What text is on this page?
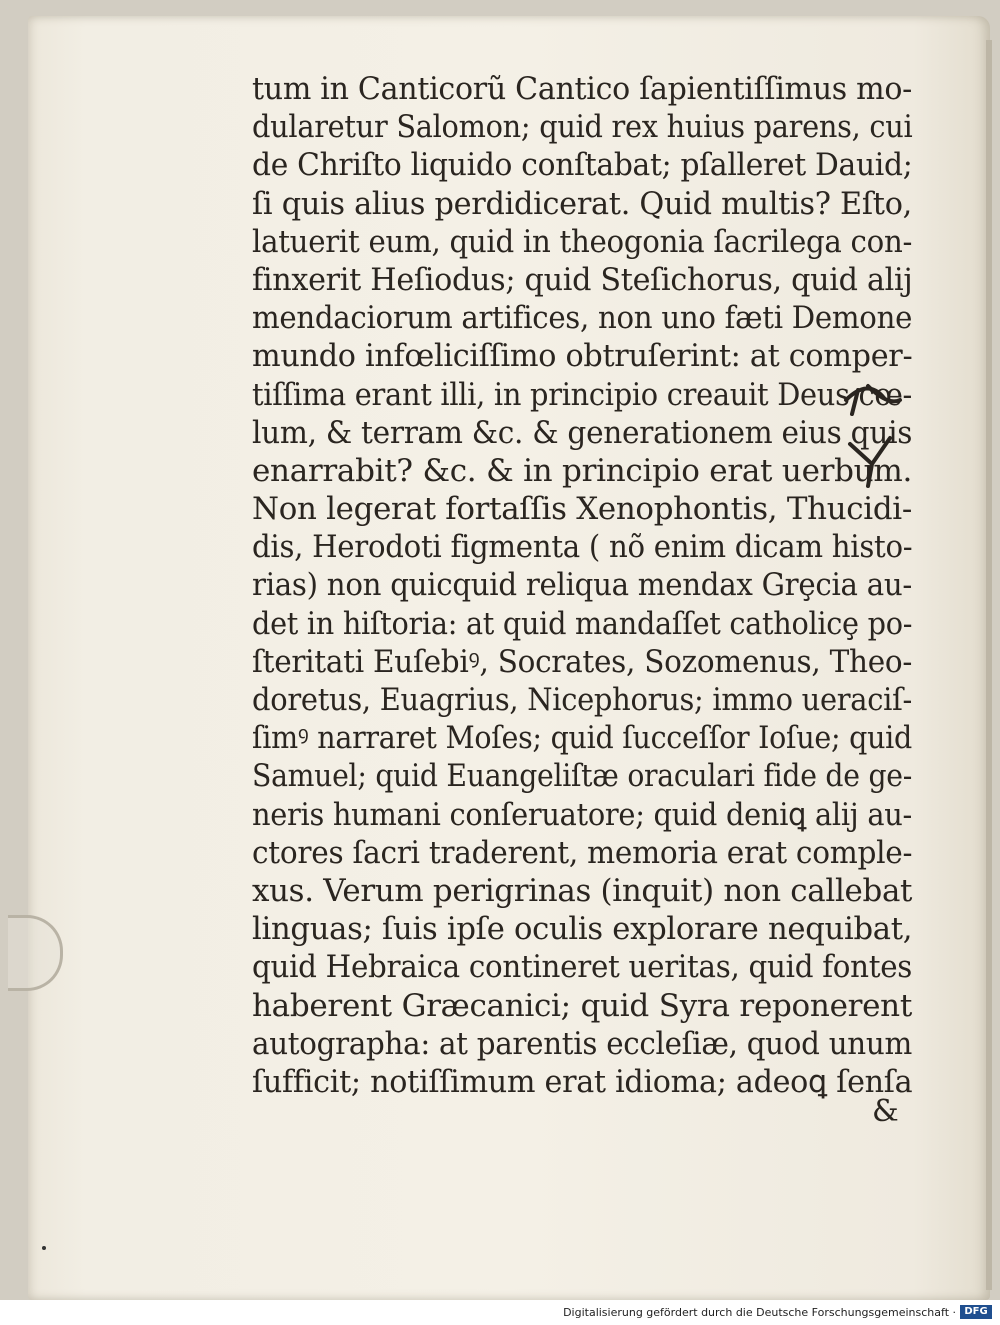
tum in Canticorũ Cantico ſapientiſſimus mo-
dularetur Salomon; quid rex huius parens, cui
de Chriſto liquido conſtabat; pſalleret Dauid;
ſi quis alius perdidicerat. Quid multis? Eſto,
latuerit eum, quid in theogonia ſacrilega con-
finxerit Heſiodus; quid Steſichorus, quid alij
mendaciorum artifices, non uno fæti Demone
mundo infœliciſſimo obtruſerint: at comper-
tiſſima erant illi, in principio creauit Deus cœ-
lum, & terram &c. & generationem eius quis
enarrabit? &c. & in principio erat uerbum.
Non legerat fortaſſis Xenophontis, Thucidi-
dis, Herodoti figmenta ( nõ enim dicam histo-
rias) non quicquid reliqua mendax Grȩcia au-
det in hiſtoria: at quid mandaſſet catholicȩ po-
ſteritati Euſebiꝰ, Socrates, Sozomenus, Theo-
doretus, Euagrius, Nicephorus; immo ueraciſ-
ſimꝰ narraret Moſes; quid ſucceſſor Ioſue; quid
Samuel; quid Euangeliſtæ oraculari fide de ge-
neris humani conſeruatore; quid deniꝗ alij au-
ctores ſacri traderent, memoria erat comple-
xus. Verum perigrinas (inquit) non callebat
linguas; ſuis ipſe oculis explorare nequibat,
quid Hebraica contineret ueritas, quid fontes
haberent Græcanici; quid Syra reponerent
autographa: at parentis eccleſiæ, quod unum
ſufficit; notiſſimum erat idioma; adeoꝗ ſenſa
&
Digitalisierung gefördert durch die Deutsche Forschungsgemeinschaft · DFG
